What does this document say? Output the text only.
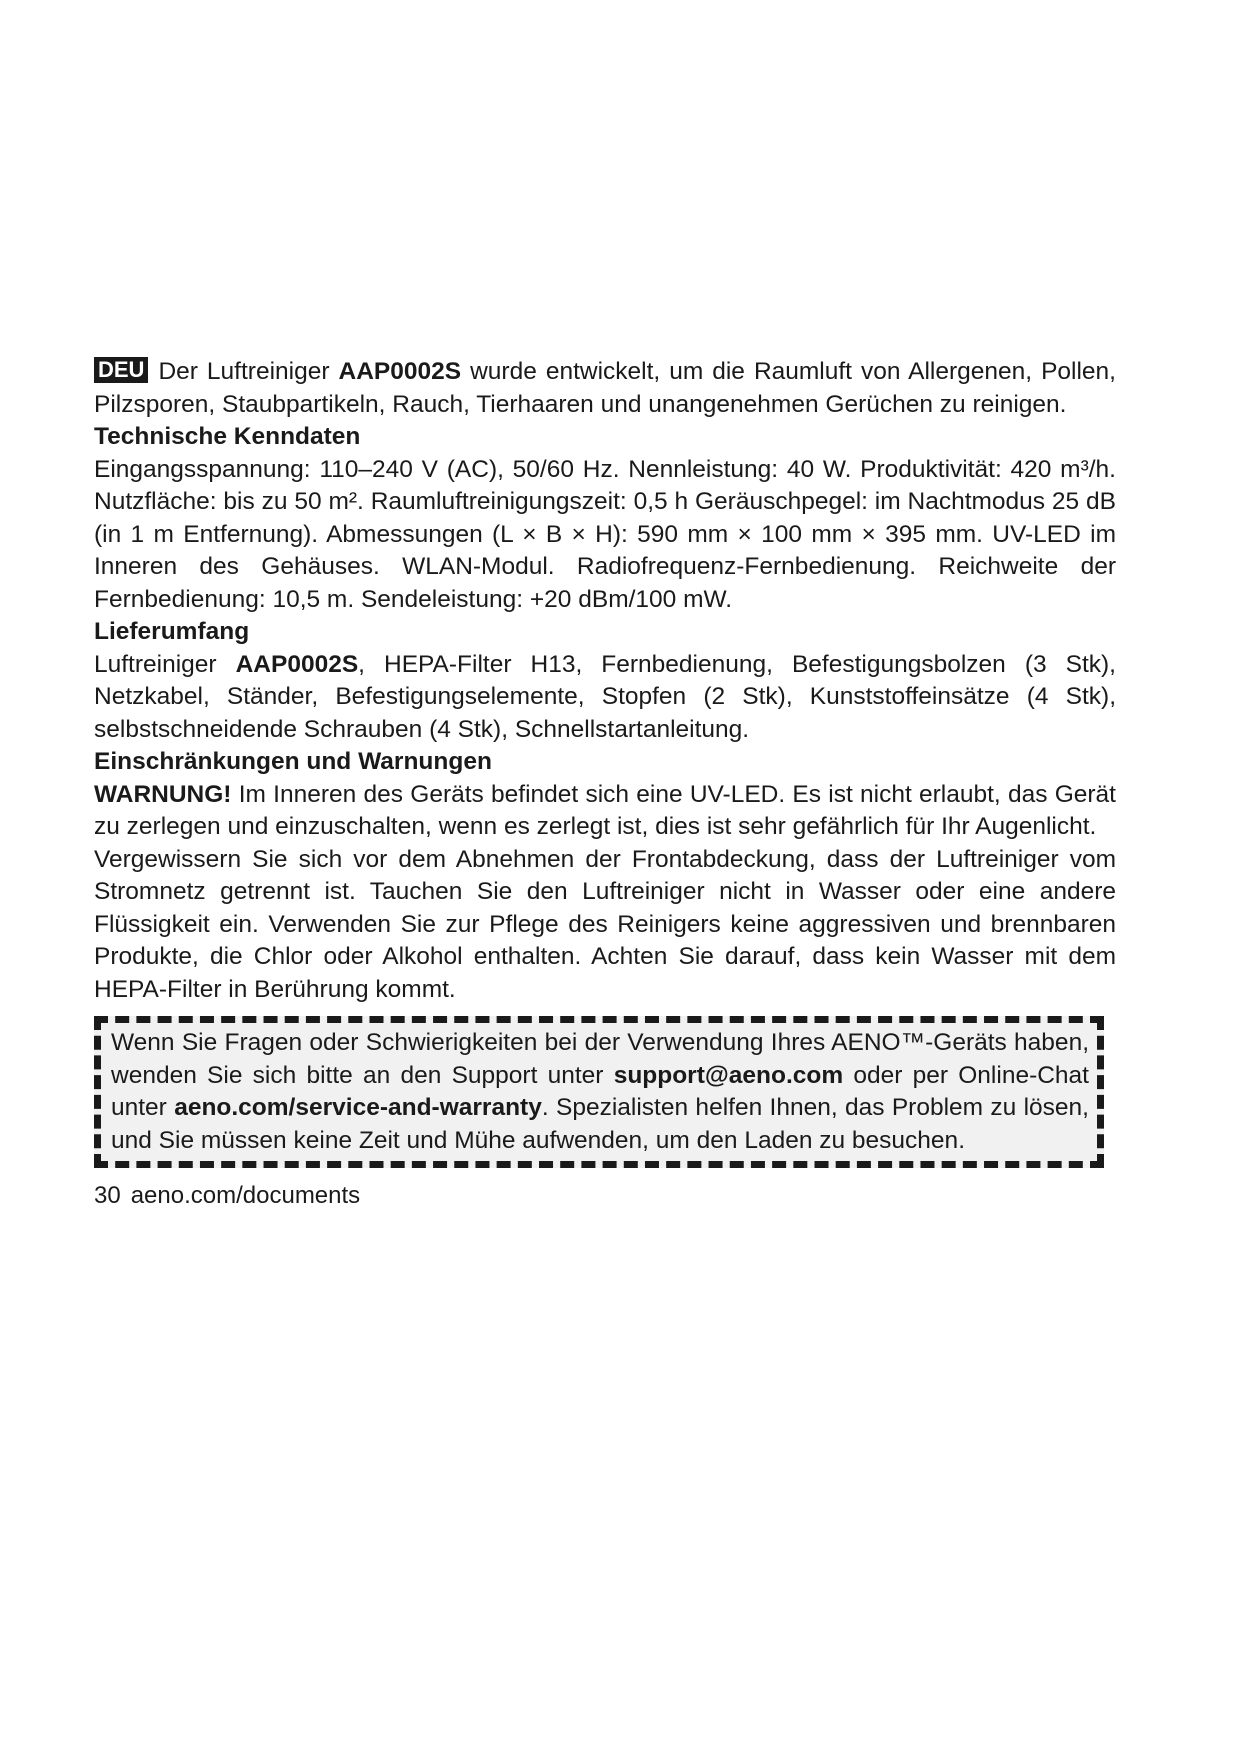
DEU Der Luftreiniger AAP0002S wurde entwickelt, um die Raumluft von Allergenen, Pollen, Pilzsporen, Staubpartikeln, Rauch, Tierhaaren und unangenehmen Gerüchen zu reinigen.

Technische Kenndaten

Eingangsspannung: 110–240 V (AC), 50/60 Hz. Nennleistung: 40 W. Produktivität: 420 m³/h. Nutzfläche: bis zu 50 m². Raumluftreinigungszeit: 0,5 h Geräuschpegel: im Nachtmodus 25 dB (in 1 m Entfernung). Abmessungen (L × B × H): 590 mm × 100 mm × 395 mm. UV-LED im Inneren des Gehäuses. WLAN-Modul. Radiofrequenz-Fernbedienung. Reichweite der Fernbedienung: 10,5 m. Sendeleistung: +20 dBm/100 mW.

Lieferumfang

Luftreiniger AAP0002S, HEPA-Filter H13, Fernbedienung, Befestigungsbolzen (3 Stk), Netzkabel, Ständer, Befestigungselemente, Stopfen (2 Stk), Kunststoffeinsätze (4 Stk), selbstschneidende Schrauben (4 Stk), Schnellstartanleitung.

Einschränkungen und Warnungen

WARNUNG! Im Inneren des Geräts befindet sich eine UV-LED. Es ist nicht erlaubt, das Gerät zu zerlegen und einzuschalten, wenn es zerlegt ist, dies ist sehr gefährlich für Ihr Augenlicht.

Vergewissern Sie sich vor dem Abnehmen der Frontabdeckung, dass der Luftreiniger vom Stromnetz getrennt ist. Tauchen Sie den Luftreiniger nicht in Wasser oder eine andere Flüssigkeit ein. Verwenden Sie zur Pflege des Reinigers keine aggressiven und brennbaren Produkte, die Chlor oder Alkohol enthalten. Achten Sie darauf, dass kein Wasser mit dem HEPA-Filter in Berührung kommt.

Wenn Sie Fragen oder Schwierigkeiten bei der Verwendung Ihres AENO™-Geräts haben, wenden Sie sich bitte an den Support unter support@aeno.com oder per Online-Chat unter aeno.com/service-and-warranty. Spezialisten helfen Ihnen, das Problem zu lösen, und Sie müssen keine Zeit und Mühe aufwenden, um den Laden zu besuchen.
30 aeno.com/documents
